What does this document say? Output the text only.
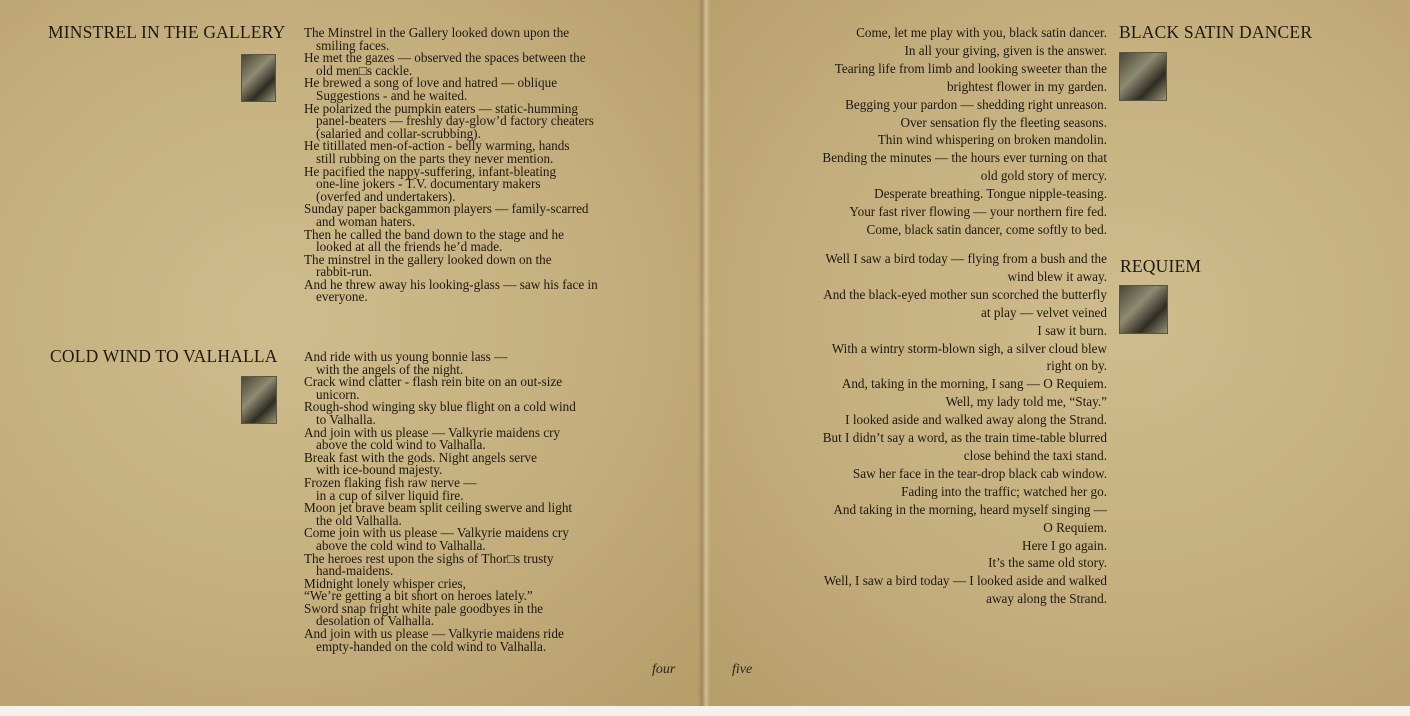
MINSTREL IN THE GALLERY The Minstrel in the Gallery looked down upon the
smiling faces.
He met the gazes — observed the spaces between the
old men□s cackle.
He brewed a song of love and hatred — oblique
Suggestions - and he waited.
He polarized the pumpkin eaters — static-humming
panel-beaters — freshly day-glow’d factory cheaters
(salaried and collar-scrubbing).
He titillated men-of-action - belly warming, hands
still rubbing on the parts they never mention.
He pacified the nappy-suffering, infant-bleating
one-line jokers - T.V. documentary makers
(overfed and undertakers).
Sunday paper backgammon players — family-scarred
and woman haters.
Then he called the band down to the stage and he
looked at all the friends he’d made.
The minstrel in the gallery looked down on the
rabbit-run.
And he threw away his looking-glass — saw his face in
everyone.
COLD WIND TO VALHALLA And ride with us young bonnie lass —
with the angels of the night.
Crack wind clatter - flash rein bite on an out-size
unicorn.
Rough-shod winging sky blue flight on a cold wind
to Valhalla.
And join with us please — Valkyrie maidens cry
above the cold wind to Valhalla.
Break fast with the gods. Night angels serve
with ice-bound majesty.
Frozen flaking fish raw nerve —
in a cup of silver liquid fire.
Moon jet brave beam split ceiling swerve and light
the old Valhalla.
Come join with us please — Valkyrie maidens cry
above the cold wind to Valhalla.
The heroes rest upon the sighs of Thor□s trusty
hand-maidens.
Midnight lonely whisper cries,
“We’re getting a bit short on heroes lately.”
Sword snap fright white pale goodbyes in the
desolation of Valhalla.
And join with us please — Valkyrie maidens ride
empty-handed on the cold wind to Valhalla.
four
Come, let me play with you, black satin dancer.
In all your giving, given is the answer.
Tearing life from limb and looking sweeter than the
brightest flower in my garden.
Begging your pardon — shedding right unreason.
Over sensation fly the fleeting seasons.
Thin wind whispering on broken mandolin.
Bending the minutes — the hours ever turning on that
old gold story of mercy.
Desperate breathing. Tongue nipple-teasing.
Your fast river flowing — your northern fire fed.
Come, black satin dancer, come softly to bed.
BLACK SATIN DANCER
Well I saw a bird today — flying from a bush and the
wind blew it away.
And the black-eyed mother sun scorched the butterfly
at play — velvet veined
I saw it burn.
With a wintry storm-blown sigh, a silver cloud blew
right on by.
And, taking in the morning, I sang — O Requiem.
Well, my lady told me, “Stay.”
I looked aside and walked away along the Strand.
But I didn’t say a word, as the train time-table blurred
close behind the taxi stand.
Saw her face in the tear-drop black cab window.
Fading into the traffic; watched her go.
And taking in the morning, heard myself singing —
O Requiem.
Here I go again.
It’s the same old story.
Well, I saw a bird today — I looked aside and walked
away along the Strand.
REQUIEM
five
